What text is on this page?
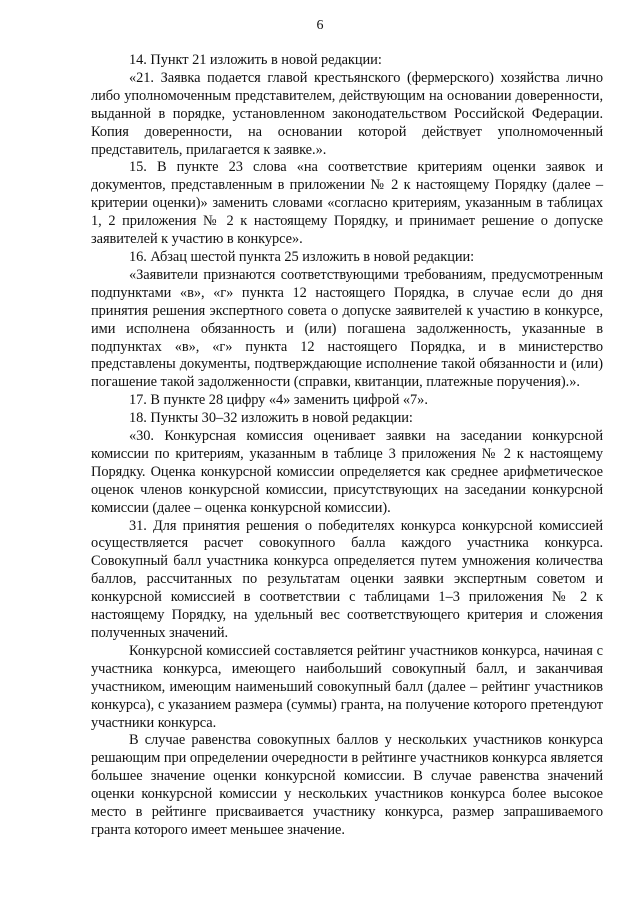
6

14. Пункт 21 изложить в новой редакции:

«21. Заявка подается главой крестьянского (фермерского) хозяйства лично либо уполномоченным представителем, действующим на основании доверенности, выданной в порядке, установленном законодательством Российской Федерации. Копия доверенности, на основании которой действует уполномоченный представитель, прилагается к заявке.».

15. В пункте 23 слова «на соответствие критериям оценки заявок и документов, представленным в приложении № 2 к настоящему Порядку (далее – критерии оценки)» заменить словами «согласно критериям, указанным в таблицах 1, 2 приложения № 2 к настоящему Порядку, и принимает решение о допуске заявителей к участию в конкурсе».

16. Абзац шестой пункта 25 изложить в новой редакции:

«Заявители признаются соответствующими требованиям, предусмотренным подпунктами «в», «г» пункта 12 настоящего Порядка, в случае если до дня принятия решения экспертного совета о допуске заявителей к участию в конкурсе, ими исполнена обязанность и (или) погашена задолженность, указанные в подпунктах «в», «г» пункта 12 настоящего Порядка, и в министерство представлены документы, подтверждающие исполнение такой обязанности и (или) погашение такой задолженности (справки, квитанции, платежные поручения).».

17. В пункте 28 цифру «4» заменить цифрой «7».

18. Пункты 30–32 изложить в новой редакции:

«30. Конкурсная комиссия оценивает заявки на заседании конкурсной комиссии по критериям, указанным в таблице 3 приложения № 2 к настоящему Порядку. Оценка конкурсной комиссии определяется как среднее арифметическое оценок членов конкурсной комиссии, присутствующих на заседании конкурсной комиссии (далее – оценка конкурсной комиссии).

31. Для принятия решения о победителях конкурса конкурсной комиссией осуществляется расчет совокупного балла каждого участника конкурса. Совокупный балл участника конкурса определяется путем умножения количества баллов, рассчитанных по результатам оценки заявки экспертным советом и конкурсной комиссией в соответствии с таблицами 1–3 приложения № 2 к настоящему Порядку, на удельный вес соответствующего критерия и сложения полученных значений.

Конкурсной комиссией составляется рейтинг участников конкурса, начиная с участника конкурса, имеющего наибольший совокупный балл, и заканчивая участником, имеющим наименьший совокупный балл (далее – рейтинг участников конкурса), с указанием размера (суммы) гранта, на получение которого претендуют участники конкурса.

В случае равенства совокупных баллов у нескольких участников конкурса решающим при определении очередности в рейтинге участников конкурса является большее значение оценки конкурсной комиссии. В случае равенства значений оценки конкурсной комиссии у нескольких участников конкурса более высокое место в рейтинге присваивается участнику конкурса, размер запрашиваемого гранта которого имеет меньшее значение.
